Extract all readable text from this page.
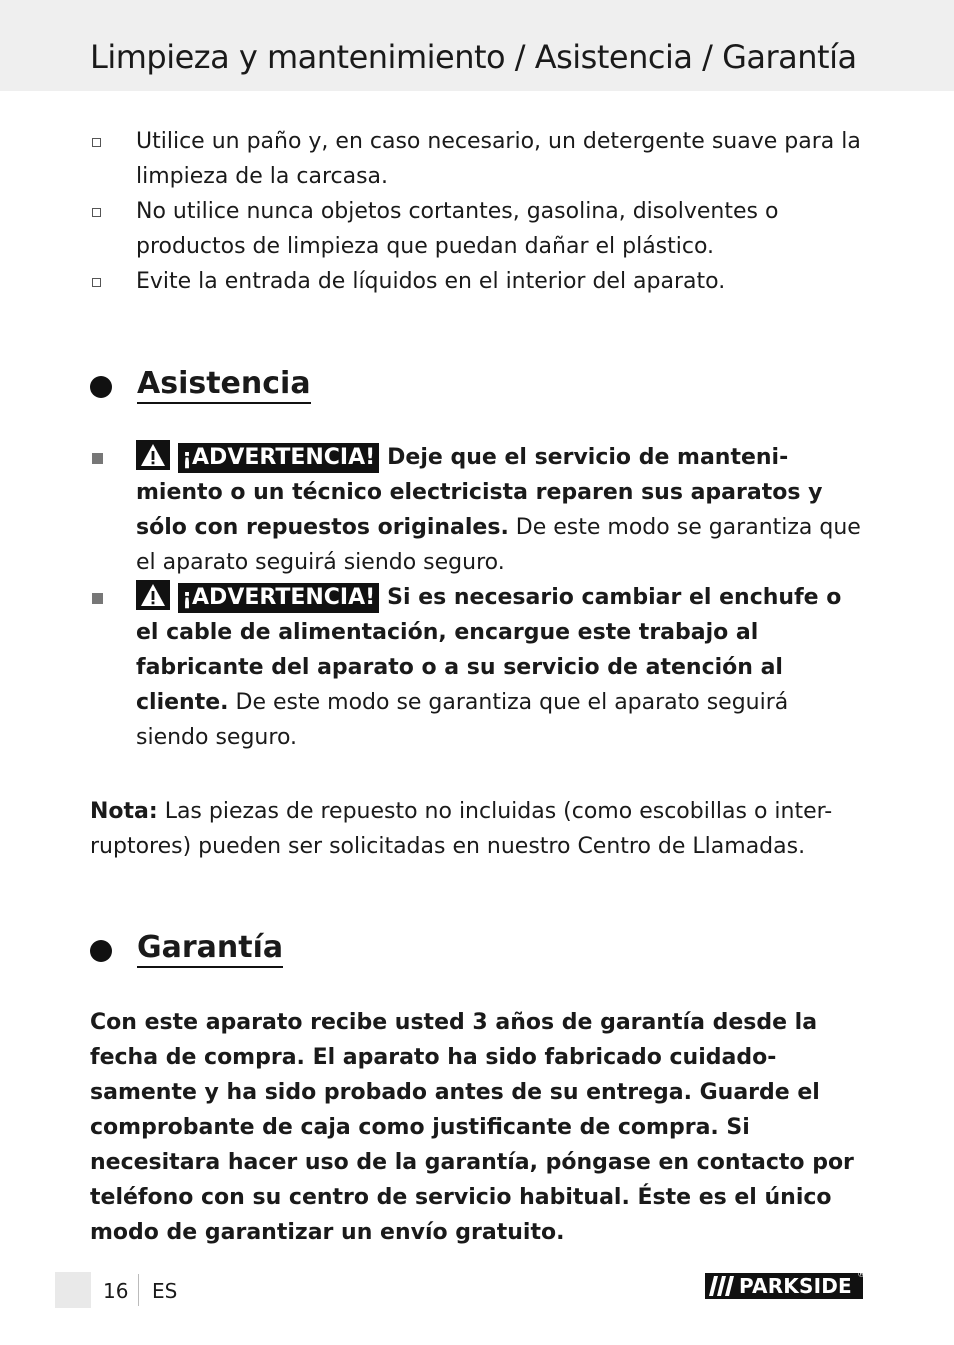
Limpieza y mantenimiento / Asistencia / Garantía
Utilice un paño y, en caso necesario, un detergente suave para la limpieza de la carcasa.
No utilice nunca objetos cortantes, gasolina, disolventes o productos de limpieza que puedan dañar el plástico.
Evite la entrada de líquidos en el interior del aparato.
Asistencia
¡ADVERTENCIA! Deje que el servicio de manteni-miento o un técnico electricista reparen sus aparatos y sólo con repuestos originales. De este modo se garantiza que el aparato seguirá siendo seguro.
¡ADVERTENCIA! Si es necesario cambiar el enchufe o el cable de alimentación, encargue este trabajo al fabricante del aparato o a su servicio de atención al cliente. De este modo se garantiza que el aparato seguirá siendo seguro.
Nota: Las piezas de repuesto no incluidas (como escobillas o inter-ruptores) pueden ser solicitadas en nuestro Centro de Llamadas.
Garantía
Con este aparato recibe usted 3 años de garantía desde la fecha de compra. El aparato ha sido fabricado cuidado-samente y ha sido probado antes de su entrega. Guarde el comprobante de caja como justificante de compra. Si necesitara hacer uso de la garantía, póngase en contacto por teléfono con su centro de servicio habitual. Éste es el único modo de garantizar un envío gratuito.
16 ES	PARKSIDE ®
